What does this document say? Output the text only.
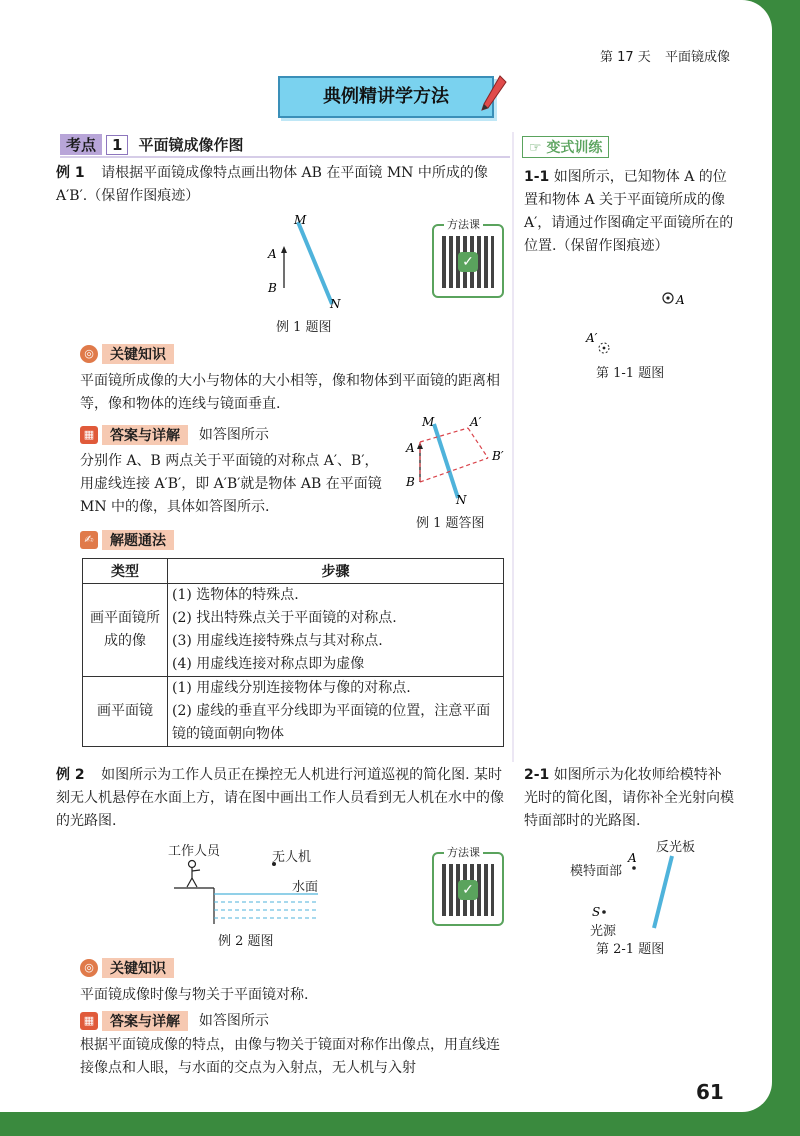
第 17 天 平面镜成像
典例精讲学方法
考点 1 平面镜成像作图
例 1 请根据平面镜成像特点画出物体 AB 在平面镜 MN 中所成的像 A′B′.（保留作图痕迹）
M
N
A
B
例 1 题图
方法课
✓
◎ 关键知识
平面镜所成像的大小与物体的大小相等，像和物体到平面镜的距离相等，像和物体的连线与镜面垂直.
▦ 答案与详解 如答图所示
分别作 A、B 两点关于平面镜的对称点 A′、B′，用虚线连接 A′B′，即 A′B′就是物体 AB 在平面镜 MN 中的像，具体如答图所示.
M
N
A
B
A′
B′
例 1 题答图
✍ 解题通法
类型	步骤
画平面镜所成的像	(1) 选物体的特殊点.
(2) 找出特殊点关于平面镜的对称点.
(3) 用虚线连接特殊点与其对称点.
(4) 用虚线连接对称点即为虚像

画平面镜	(1) 用虚线分别连接物体与像的对称点.
(2) 虚线的垂直平分线即为平面镜的位置，注意平面镜的镜面朝向物体
例 2 如图所示为工作人员正在操控无人机进行河道巡视的简化图. 某时刻无人机悬停在水面上方，请在图中画出工作人员看到无人机在水中的像的光路图.
工作人员	无人机
水面
例 2 题图
方法课
✓
◎ 关键知识
平面镜成像时像与物关于平面镜对称.
▦ 答案与详解 如答图所示
根据平面镜成像的特点，由像与物关于镜面对称作出像点，用直线连接像点和人眼，与水面的交点为入射点，无人机与入射
☞ 变式训练
1-1 如图所示，已知物体 A 的位置和物体 A 关于平面镜所成的像 A′，请通过作图确定平面镜所在的位置.（保留作图痕迹）
A
A′
第 1-1 题图
2-1 如图所示为化妆师给模特补光时的简化图，请你补全光射向模特面部时的光路图.
A
S
反光板
模特面部
光源
第 2-1 题图
61
